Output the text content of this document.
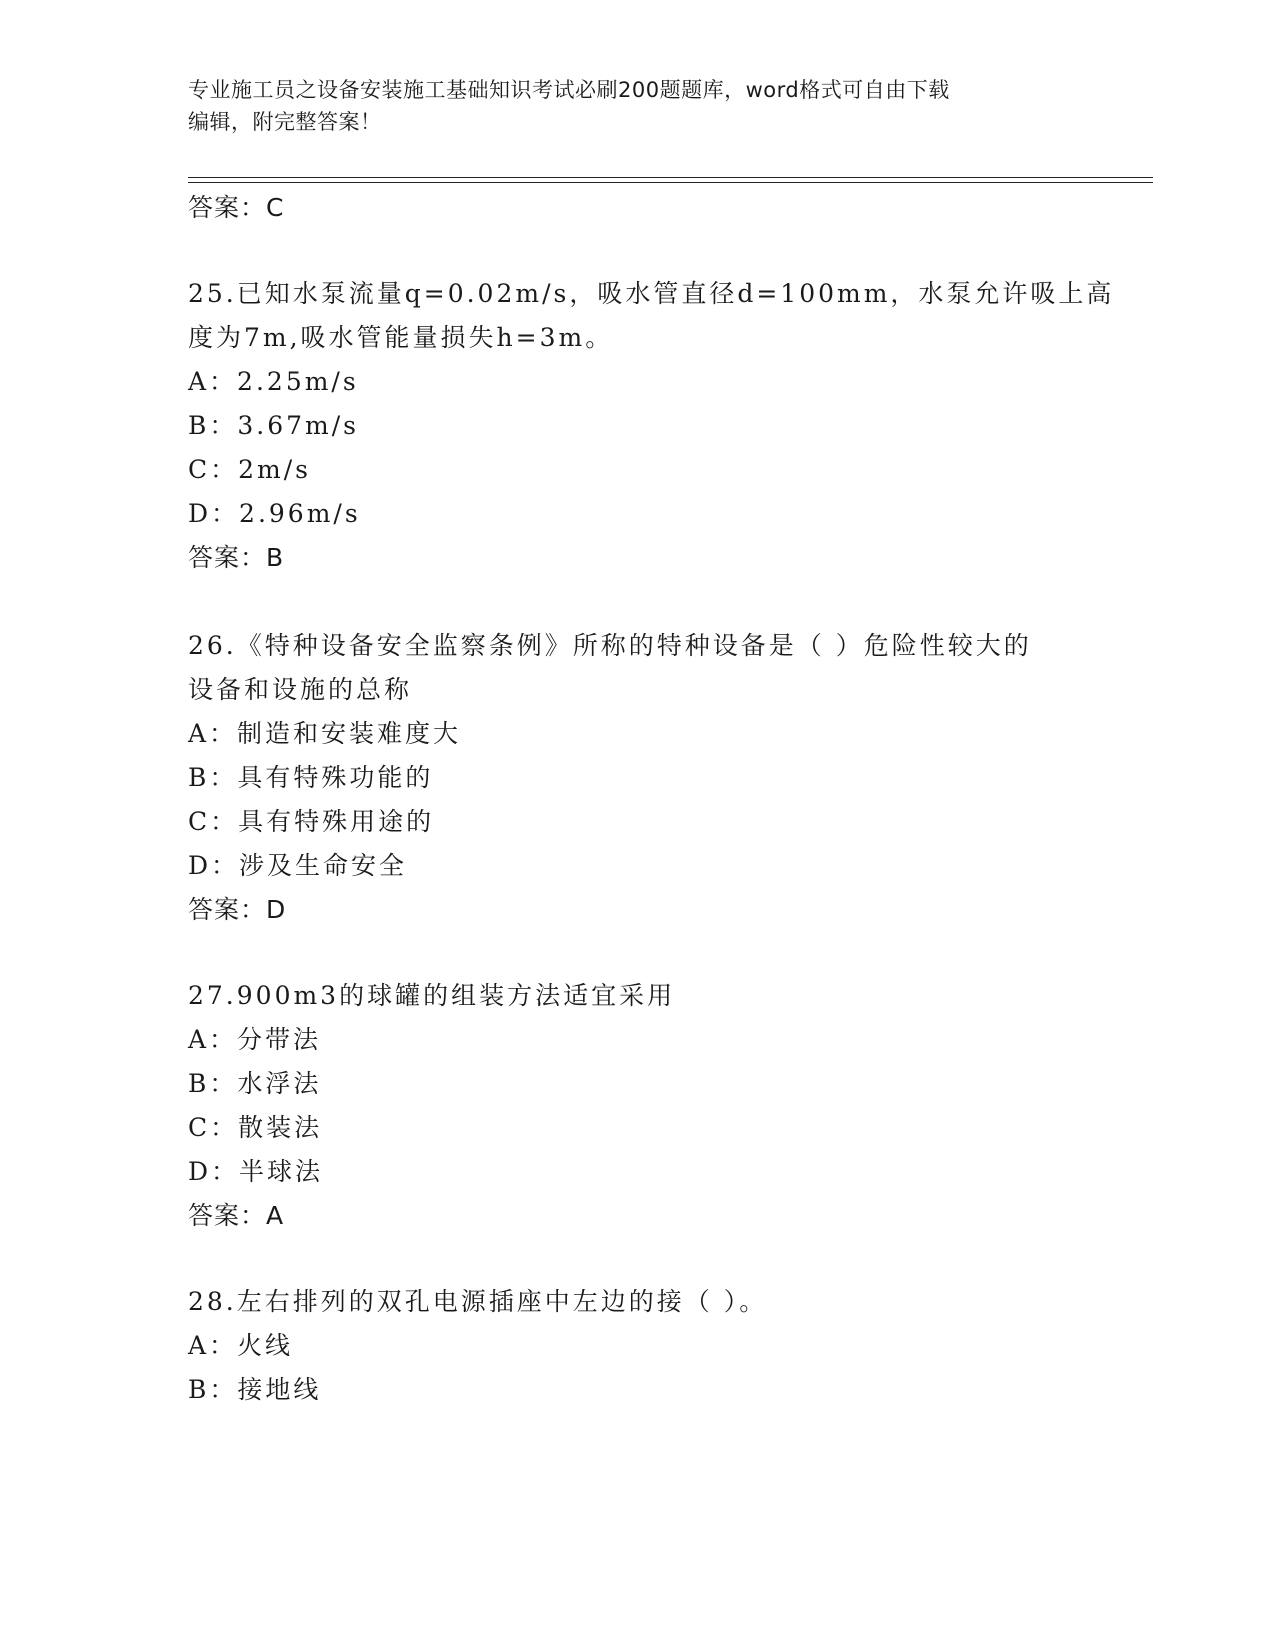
专业施工员之设备安装施工基础知识考试必刷200题题库，word格式可自由下载
编辑，附完整答案！
答案：C
25.已知水泵流量q=0.02m/s，吸水管直径d=100mm，水泵允许吸上高
度为7m,吸水管能量损失h=3m。
A：2.25m/s
B：3.67m/s
C：2m/s
D：2.96m/s
答案：B
26.《特种设备安全监察条例》所称的特种设备是（ ）危险性较大的
设备和设施的总称
A：制造和安装难度大
B：具有特殊功能的
C：具有特殊用途的
D：涉及生命安全
答案：D
27.900m3的球罐的组装方法适宜采用
A：分带法
B：水浮法
C：散装法
D：半球法
答案：A
28.左右排列的双孔电源插座中左边的接（ ）。
A：火线
B：接地线
